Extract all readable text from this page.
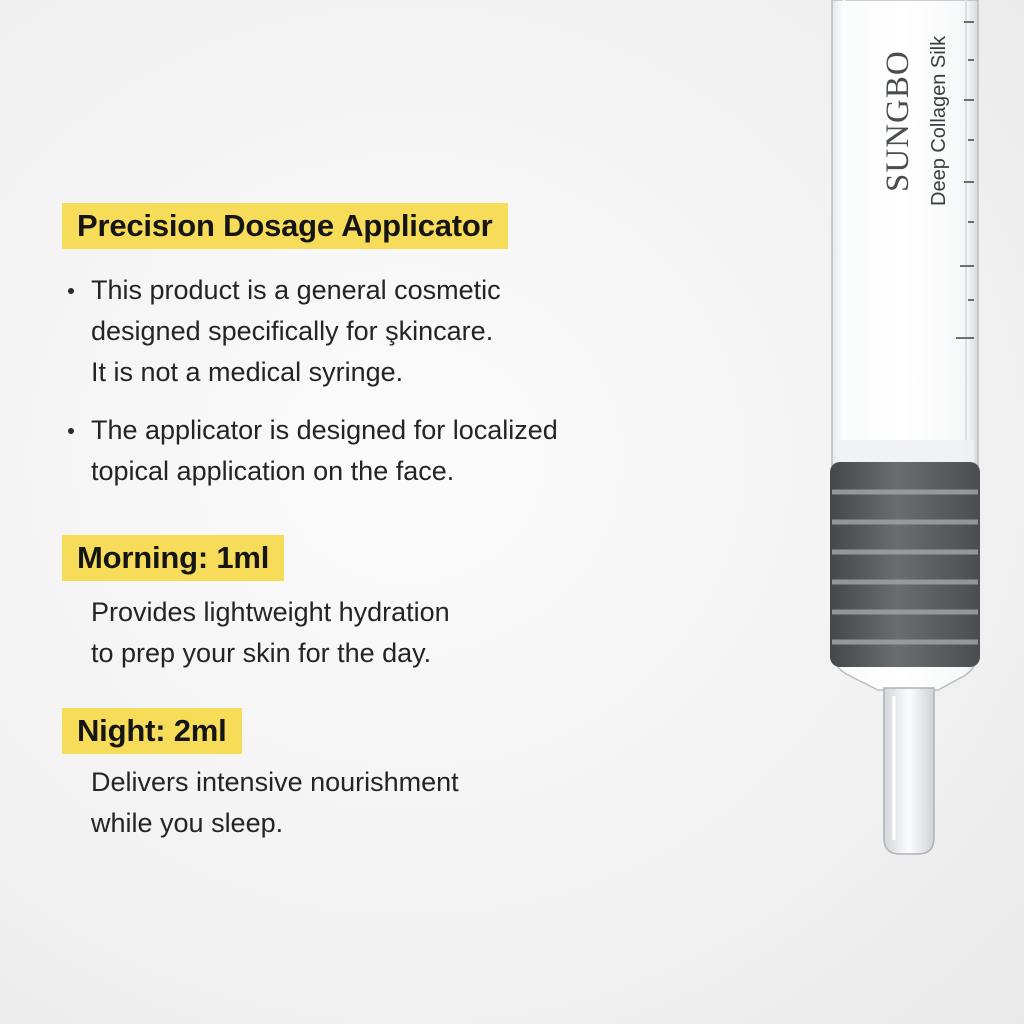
Precision Dosage Applicator
This product is a general cosmetic
designed specifically for şkincare.
It is not a medical syringe.
The applicator is designed for localized
topical application on the face.
Morning: 1ml
Provides lightweight hydration
to prep your skin for the day.
Night: 2ml
Delivers intensive nourishment
while you sleep.
SUNGBO Deep Collagen Silk
